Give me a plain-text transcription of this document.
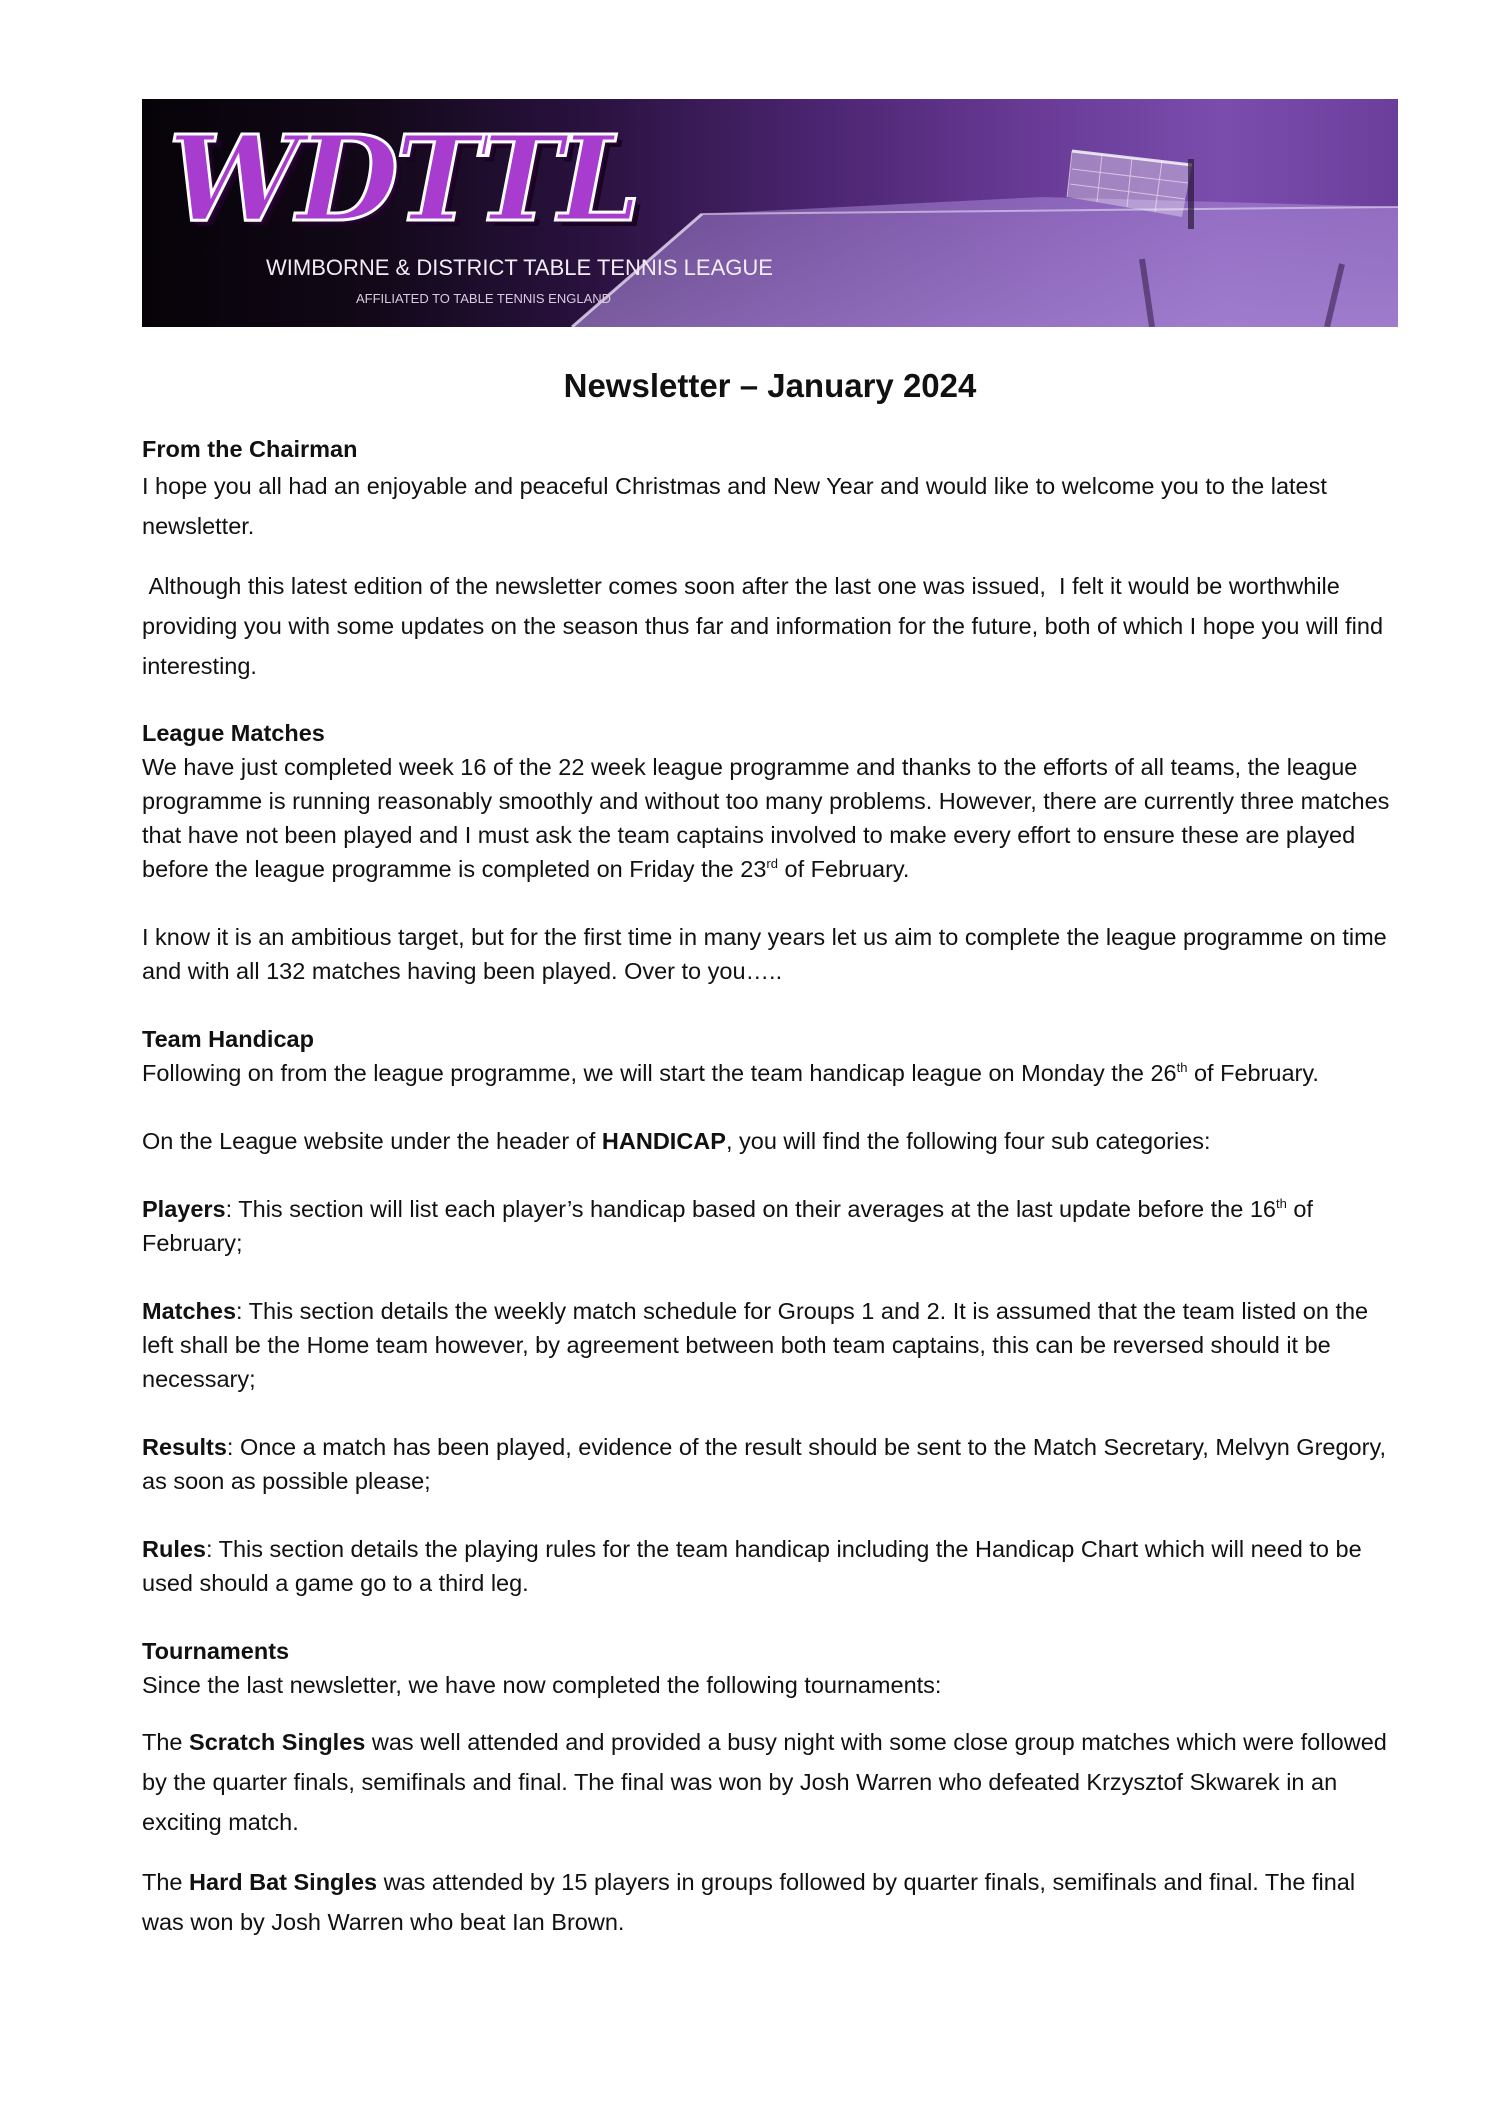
WDTTL
WIMBORNE & DISTRICT TABLE TENNIS LEAGUE
AFFILIATED TO TABLE TENNIS ENGLAND
Newsletter – January 2024
From the Chairman

I hope you all had an enjoyable and peaceful Christmas and New Year and would like to welcome you to the latest newsletter.

Although this latest edition of the newsletter comes soon after the last one was issued,  I felt it would be worthwhile providing you with some updates on the season thus far and information for the future, both of which I hope you will find interesting.

League Matches

We have just completed week 16 of the 22 week league programme and thanks to the efforts of all teams, the league programme is running reasonably smoothly and without too many problems. However, there are currently three matches that have not been played and I must ask the team captains involved to make every effort to ensure these are played before the league programme is completed on Friday the 23rd of February.

I know it is an ambitious target, but for the first time in many years let us aim to complete the league programme on time and with all 132 matches having been played. Over to you…..

Team Handicap

Following on from the league programme, we will start the team handicap league on Monday the 26th of February.

On the League website under the header of HANDICAP, you will find the following four sub categories:

Players: This section will list each player’s handicap based on their averages at the last update before the 16th of February;

Matches: This section details the weekly match schedule for Groups 1 and 2. It is assumed that the team listed on the left shall be the Home team however, by agreement between both team captains, this can be reversed should it be necessary;

Results: Once a match has been played, evidence of the result should be sent to the Match Secretary, Melvyn Gregory, as soon as possible please;

Rules: This section details the playing rules for the team handicap including the Handicap Chart which will need to be used should a game go to a third leg.

Tournaments

Since the last newsletter, we have now completed the following tournaments:

The Scratch Singles was well attended and provided a busy night with some close group matches which were followed by the quarter finals, semifinals and final. The final was won by Josh Warren who defeated Krzysztof Skwarek in an exciting match.

The Hard Bat Singles was attended by 15 players in groups followed by quarter finals, semifinals and final. The final was won by Josh Warren who beat Ian Brown.
